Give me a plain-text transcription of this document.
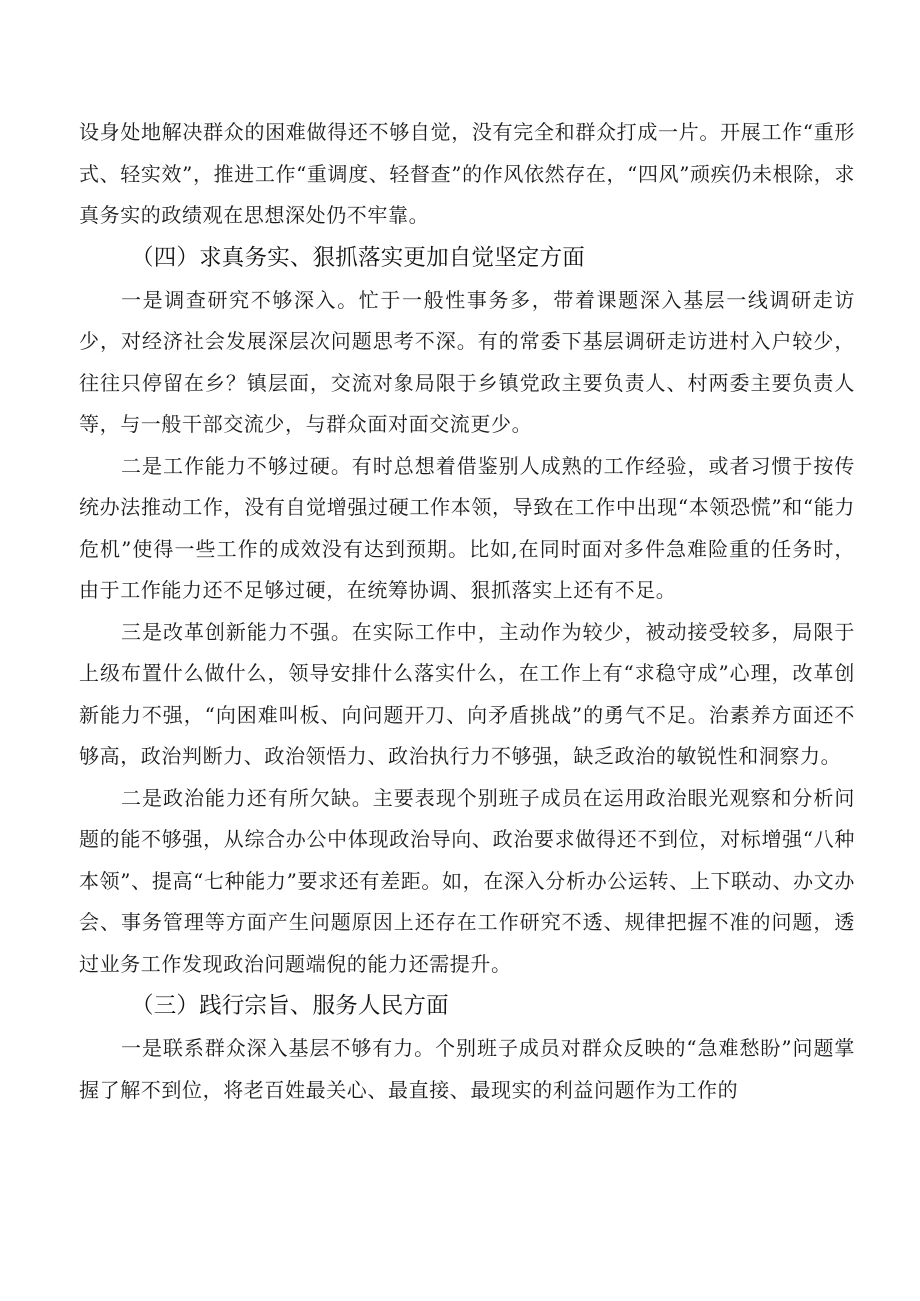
设身处地解决群众的困难做得还不够自觉，没有完全和群众打成一片。开展工作“重形式、轻实效”，推进工作“重调度、轻督查”的作风依然存在，“四风”顽疾仍未根除，求真务实的政绩观在思想深处仍不牢靠。

（四）求真务实、狠抓落实更加自觉坚定方面

一是调查研究不够深入。忙于一般性事务多，带着课题深入基层一线调研走访少，对经济社会发展深层次问题思考不深。有的常委下基层调研走访进村入户较少，往往只停留在乡？镇层面，交流对象局限于乡镇党政主要负责人、村两委主要负责人等，与一般干部交流少，与群众面对面交流更少。

二是工作能力不够过硬。有时总想着借鉴别人成熟的工作经验，或者习惯于按传统办法推动工作，没有自觉增强过硬工作本领，导致在工作中出现“本领恐慌”和“能力危机”使得一些工作的成效没有达到预期。比如,在同时面对多件急难险重的任务时，由于工作能力还不足够过硬，在统筹协调、狠抓落实上还有不足。

三是改革创新能力不强。在实际工作中，主动作为较少，被动接受较多，局限于上级布置什么做什么，领导安排什么落实什么，在工作上有“求稳守成”心理，改革创新能力不强，“向困难叫板、向问题开刀、向矛盾挑战”的勇气不足。治素养方面还不够高，政治判断力、政治领悟力、政治执行力不够强，缺乏政治的敏锐性和洞察力。

二是政治能力还有所欠缺。主要表现个别班子成员在运用政治眼光观察和分析问题的能不够强，从综合办公中体现政治导向、政治要求做得还不到位，对标增强“八种本领”、提高“七种能力”要求还有差距。如，在深入分析办公运转、上下联动、办文办会、事务管理等方面产生问题原因上还存在工作研究不透、规律把握不准的问题，透过业务工作发现政治问题端倪的能力还需提升。

（三）践行宗旨、服务人民方面

一是联系群众深入基层不够有力。个别班子成员对群众反映的“急难愁盼”问题掌握了解不到位，将老百姓最关心、最直接、最现实的利益问题作为工作的
